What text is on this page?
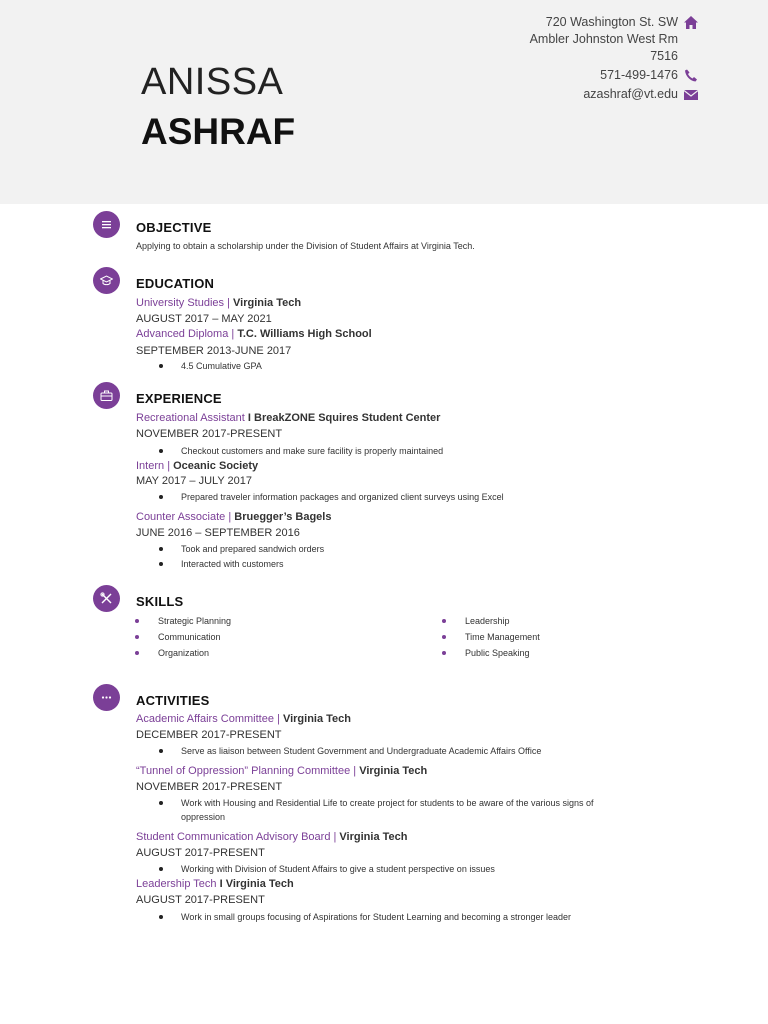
ANISSA
ASHRAF
720 Washington St. SW
Ambler Johnston West Rm
7516
571-499-1476
azashraf@vt.edu
OBJECTIVE
Applying to obtain a scholarship under the Division of Student Affairs at Virginia Tech.
EDUCATION
University Studies | Virginia Tech
AUGUST 2017 – MAY 2021
Advanced Diploma | T.C. Williams High School
SEPTEMBER 2013-JUNE 2017
4.5 Cumulative GPA
EXPERIENCE
Recreational Assistant I BreakZONE Squires Student Center
NOVEMBER 2017-PRESENT
Checkout customers and make sure facility is properly maintained
Intern | Oceanic Society
MAY 2017 – JULY 2017
Prepared traveler information packages and organized client surveys using Excel
Counter Associate | Bruegger’s Bagels
JUNE 2016 – SEPTEMBER 2016
Took and prepared sandwich orders
Interacted with customers
SKILLS
Strategic Planning
Communication
Organization
Leadership
Time Management
Public Speaking
ACTIVITIES
Academic Affairs Committee | Virginia Tech
DECEMBER 2017-PRESENT
Serve as liaison between Student Government and Undergraduate Academic Affairs Office
“Tunnel of Oppression” Planning Committee | Virginia Tech
NOVEMBER 2017-PRESENT
Work with Housing and Residential Life to create project for students to be aware of the various signs of
oppression
Student Communication Advisory Board | Virginia Tech
AUGUST 2017-PRESENT
Working with Division of Student Affairs to give a student perspective on issues
Leadership Tech I Virginia Tech
AUGUST 2017-PRESENT
Work in small groups focusing of Aspirations for Student Learning and becoming a stronger leader
